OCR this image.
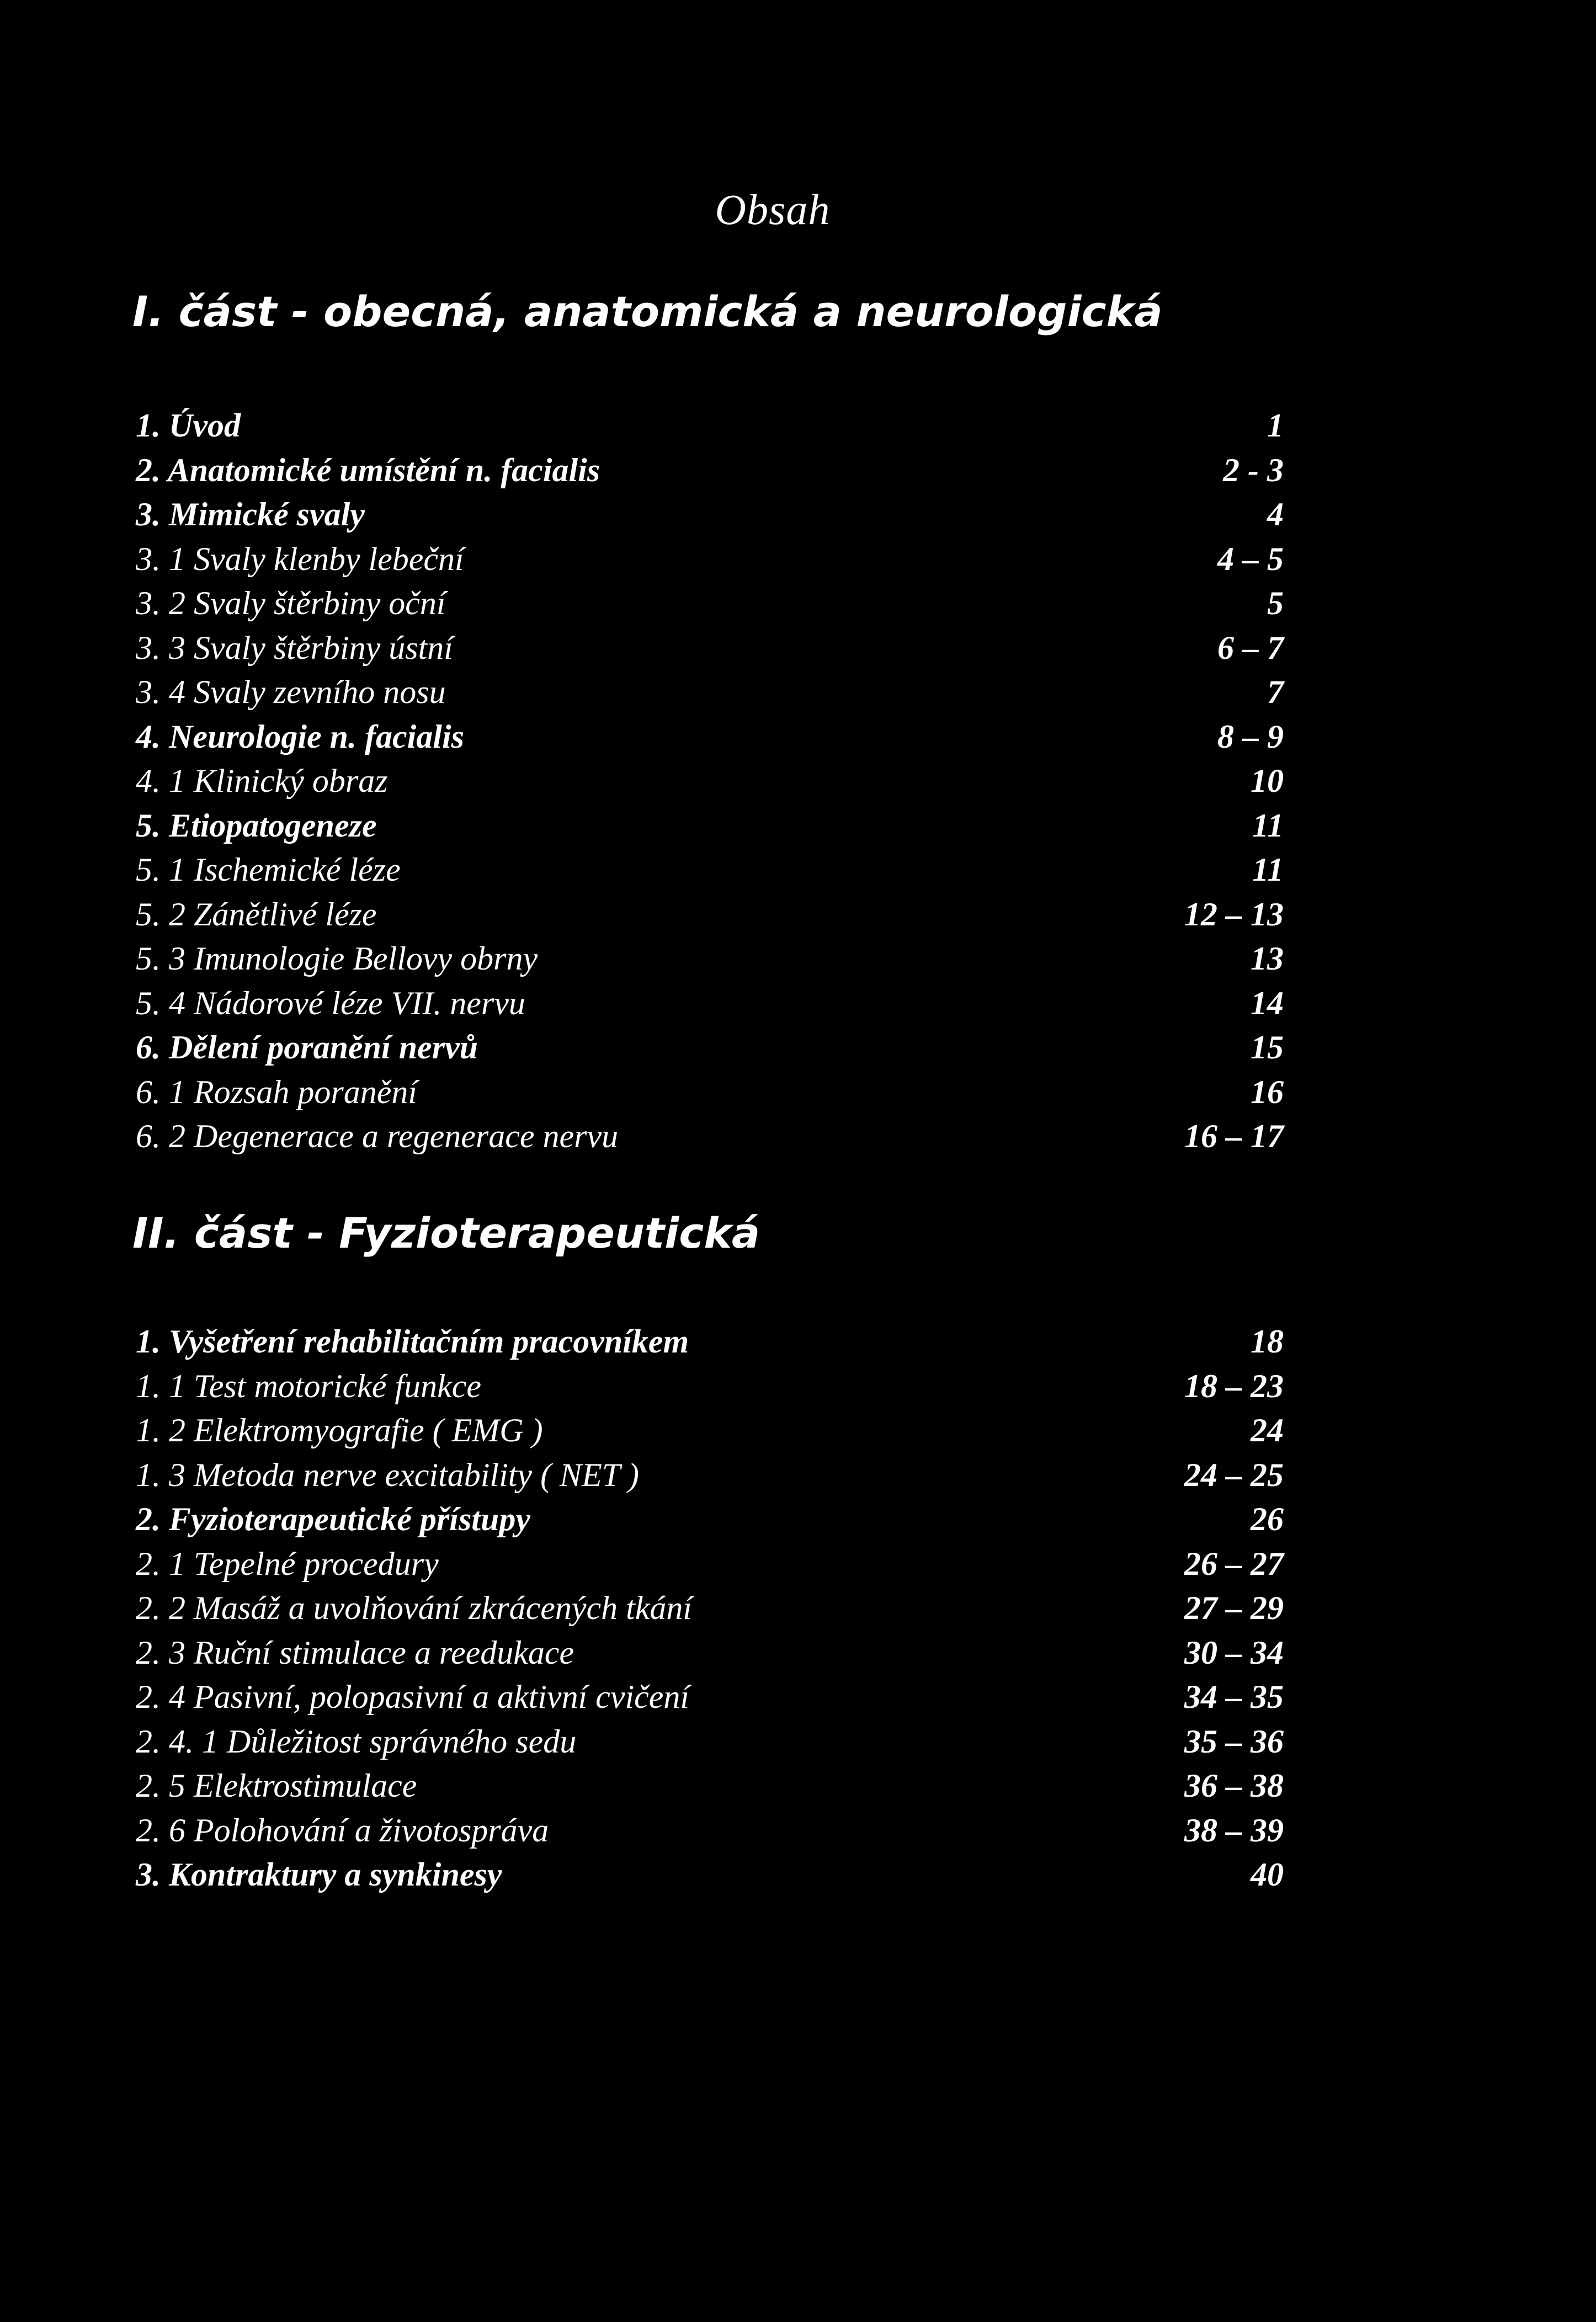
Obsah
I. část - obecná, anatomická a neurologická
1. Úvod	1
2. Anatomické umístění n. facialis	2 - 3
3. Mimické svaly	4
3. 1 Svaly klenby lebeční	4 – 5
3. 2 Svaly štěrbiny oční	5
3. 3 Svaly štěrbiny ústní	6 – 7
3. 4 Svaly zevního nosu	7
4. Neurologie n. facialis	8 – 9
4. 1 Klinický obraz	10
5. Etiopatogeneze	11
5. 1 Ischemické léze	11
5. 2 Zánětlivé léze	12 – 13
5. 3 Imunologie Bellovy obrny	13
5. 4 Nádorové léze VII. nervu	14
6. Dělení poranění nervů	15
6. 1 Rozsah poranění	16
6. 2 Degenerace a regenerace nervu	16 – 17
II. část - Fyzioterapeutická
1. Vyšetření rehabilitačním pracovníkem	18
1. 1 Test motorické funkce	18 – 23
1. 2 Elektromyografie ( EMG )	24
1. 3 Metoda nerve excitability ( NET )	24 – 25
2. Fyzioterapeutické přístupy	26
2. 1 Tepelné procedury	26 – 27
2. 2 Masáž a uvolňování zkrácených tkání	27 – 29
2. 3 Ruční stimulace a reedukace	30 – 34
2. 4 Pasivní, polopasivní a aktivní cvičení	34 – 35
2. 4. 1 Důležitost správného sedu	35 – 36
2. 5 Elektrostimulace	36 – 38
2. 6 Polohování a životospráva	38 – 39
3. Kontraktury a synkinesy	40
